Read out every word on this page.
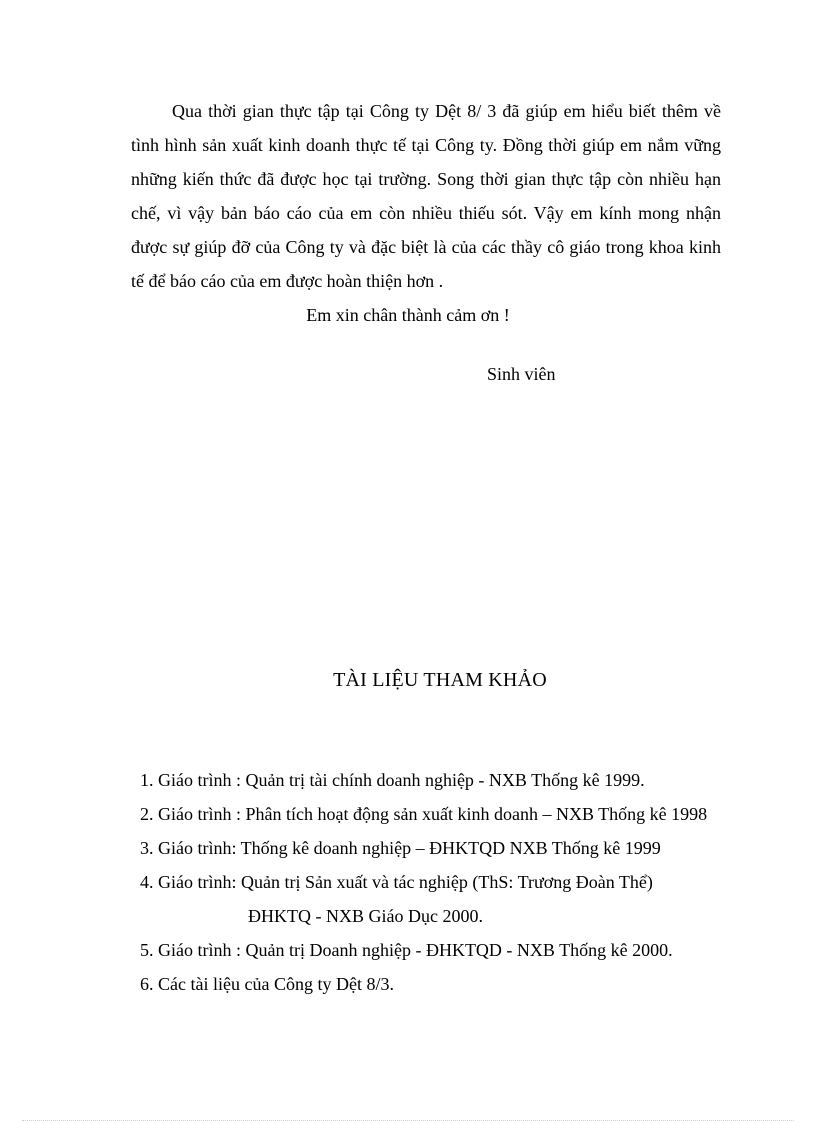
Qua thời gian thực tập tại Công ty Dệt 8/ 3 đã giúp em hiểu biết thêm về tình hình sản xuất kinh doanh thực tế tại Công ty. Đồng thời giúp em nắm vững những kiến thức đã được học tại trường. Song thời gian thực tập còn nhiều hạn chế, vì vậy bản báo cáo của em còn nhiều thiếu sót. Vậy em kính mong nhận được sự giúp đỡ của Công ty và đặc biệt là của các thầy cô giáo trong khoa kinh tế để báo cáo của em được hoàn thiện hơn .

Em xin chân thành cảm ơn !

Sinh viên

TÀI LIỆU THAM KHẢO
1. Giáo trình : Quản trị tài chính doanh nghiệp - NXB Thống kê 1999.
2. Giáo trình : Phân tích hoạt động sản xuất kinh doanh – NXB Thống kê 1998
3. Giáo trình: Thống kê doanh nghiệp – ĐHKTQD NXB Thống kê 1999
4. Giáo trình: Quản trị Sản xuất và tác nghiệp (ThS: Trương Đoàn Thể)
ĐHKTQ - NXB Giáo Dục 2000.
5. Giáo trình : Quản trị Doanh nghiệp - ĐHKTQD - NXB Thống kê 2000.
6. Các tài liệu của Công ty Dệt 8/3.
